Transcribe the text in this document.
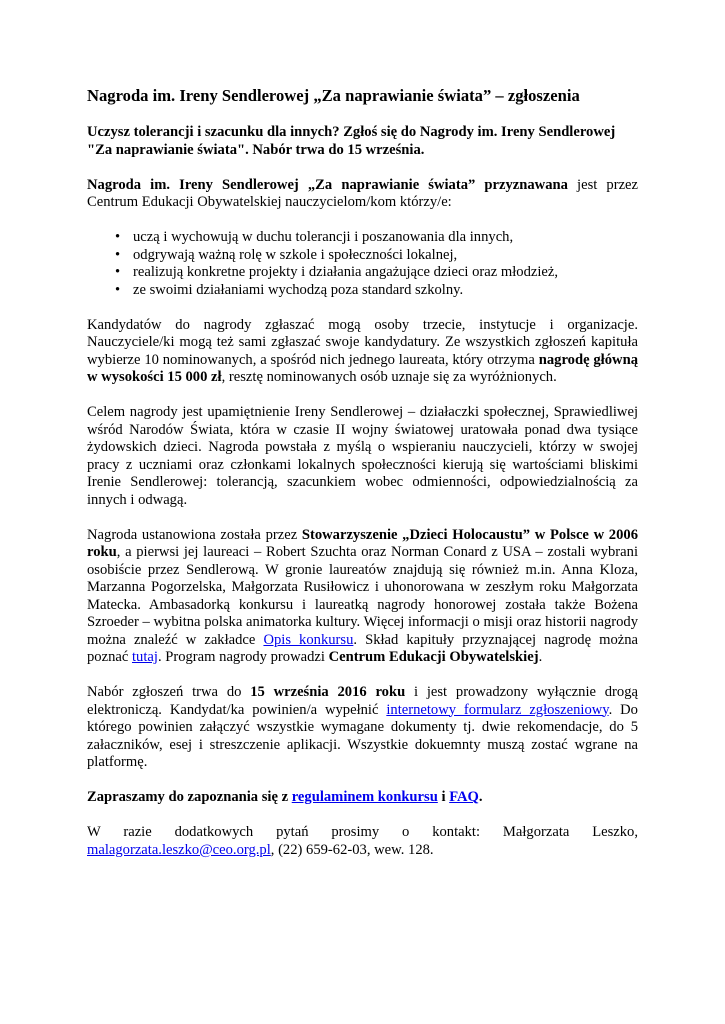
Nagroda im. Ireny Sendlerowej „Za naprawianie świata” – zgłoszenia

Uczysz tolerancji i szacunku dla innych? Zgłoś się do Nagrody im. Ireny Sendlerowej
"Za naprawianie świata". Nabór trwa do 15 września.

Nagroda im. Ireny Sendlerowej „Za naprawianie świata” przyznawana jest przez
Centrum Edukacji Obywatelskiej nauczycielom/kom którzy/e:

• uczą i wychowują w duchu tolerancji i poszanowania dla innych,
• odgrywają ważną rolę w szkole i społeczności lokalnej,
• realizują konkretne projekty i działania angażujące dzieci oraz młodzież,
• ze swoimi działaniami wychodzą poza standard szkolny.

Kandydatów do nagrody zgłaszać mogą osoby trzecie, instytucje i organizacje. Nauczyciele/ki mogą też sami zgłaszać swoje kandydatury. Ze wszystkich zgłoszeń kapituła wybierze 10 nominowanych, a spośród nich jednego laureata, który otrzyma nagrodę główną w wysokości 15 000 zł, resztę nominowanych osób uznaje się za wyróżnionych.

Celem nagrody jest upamiętnienie Ireny Sendlerowej – działaczki społecznej, Sprawiedliwej wśród Narodów Świata, która w czasie II wojny światowej uratowała ponad dwa tysiące żydowskich dzieci. Nagroda powstała z myślą o wspieraniu nauczycieli, którzy w swojej pracy z uczniami oraz członkami lokalnych społeczności kierują się wartościami bliskimi Irenie Sendlerowej: tolerancją, szacunkiem wobec odmienności, odpowiedzialnością za innych i odwagą.

Nagroda ustanowiona została przez Stowarzyszenie „Dzieci Holocaustu” w Polsce w 2006 roku, a pierwsi jej laureaci – Robert Szuchta oraz Norman Conard z USA – zostali wybrani osobiście przez Sendlerową. W gronie laureatów znajdują się również m.in. Anna Kloza, Marzanna Pogorzelska, Małgorzata Rusiłowicz i uhonorowana w zeszłym roku Małgorzata Matecka. Ambasadorką konkursu i laureatką nagrody honorowej została także Bożena Szroeder – wybitna polska animatorka kultury. Więcej informacji o misji oraz historii nagrody można znaleźć w zakładce Opis konkursu. Skład kapituły przyznającej nagrodę można poznać tutaj. Program nagrody prowadzi Centrum Edukacji Obywatelskiej.

Nabór zgłoszeń trwa do 15 września 2016 roku i jest prowadzony wyłącznie drogą elektroniczą. Kandydat/ka powinien/a wypełnić internetowy formularz zgłoszeniowy. Do którego powinien załączyć wszystkie wymagane dokumenty tj. dwie rekomendacje, do 5 załaczników, esej i streszczenie aplikacji. Wszystkie dokuemnty muszą zostać wgrane na platformę.

Zapraszamy do zapoznania się z regulaminem konkursu i FAQ.

W razie dodatkowych pytań prosimy o kontakt: Małgorzata Leszko,
malagorzata.leszko@ceo.org.pl, (22) 659-62-03, wew. 128.
